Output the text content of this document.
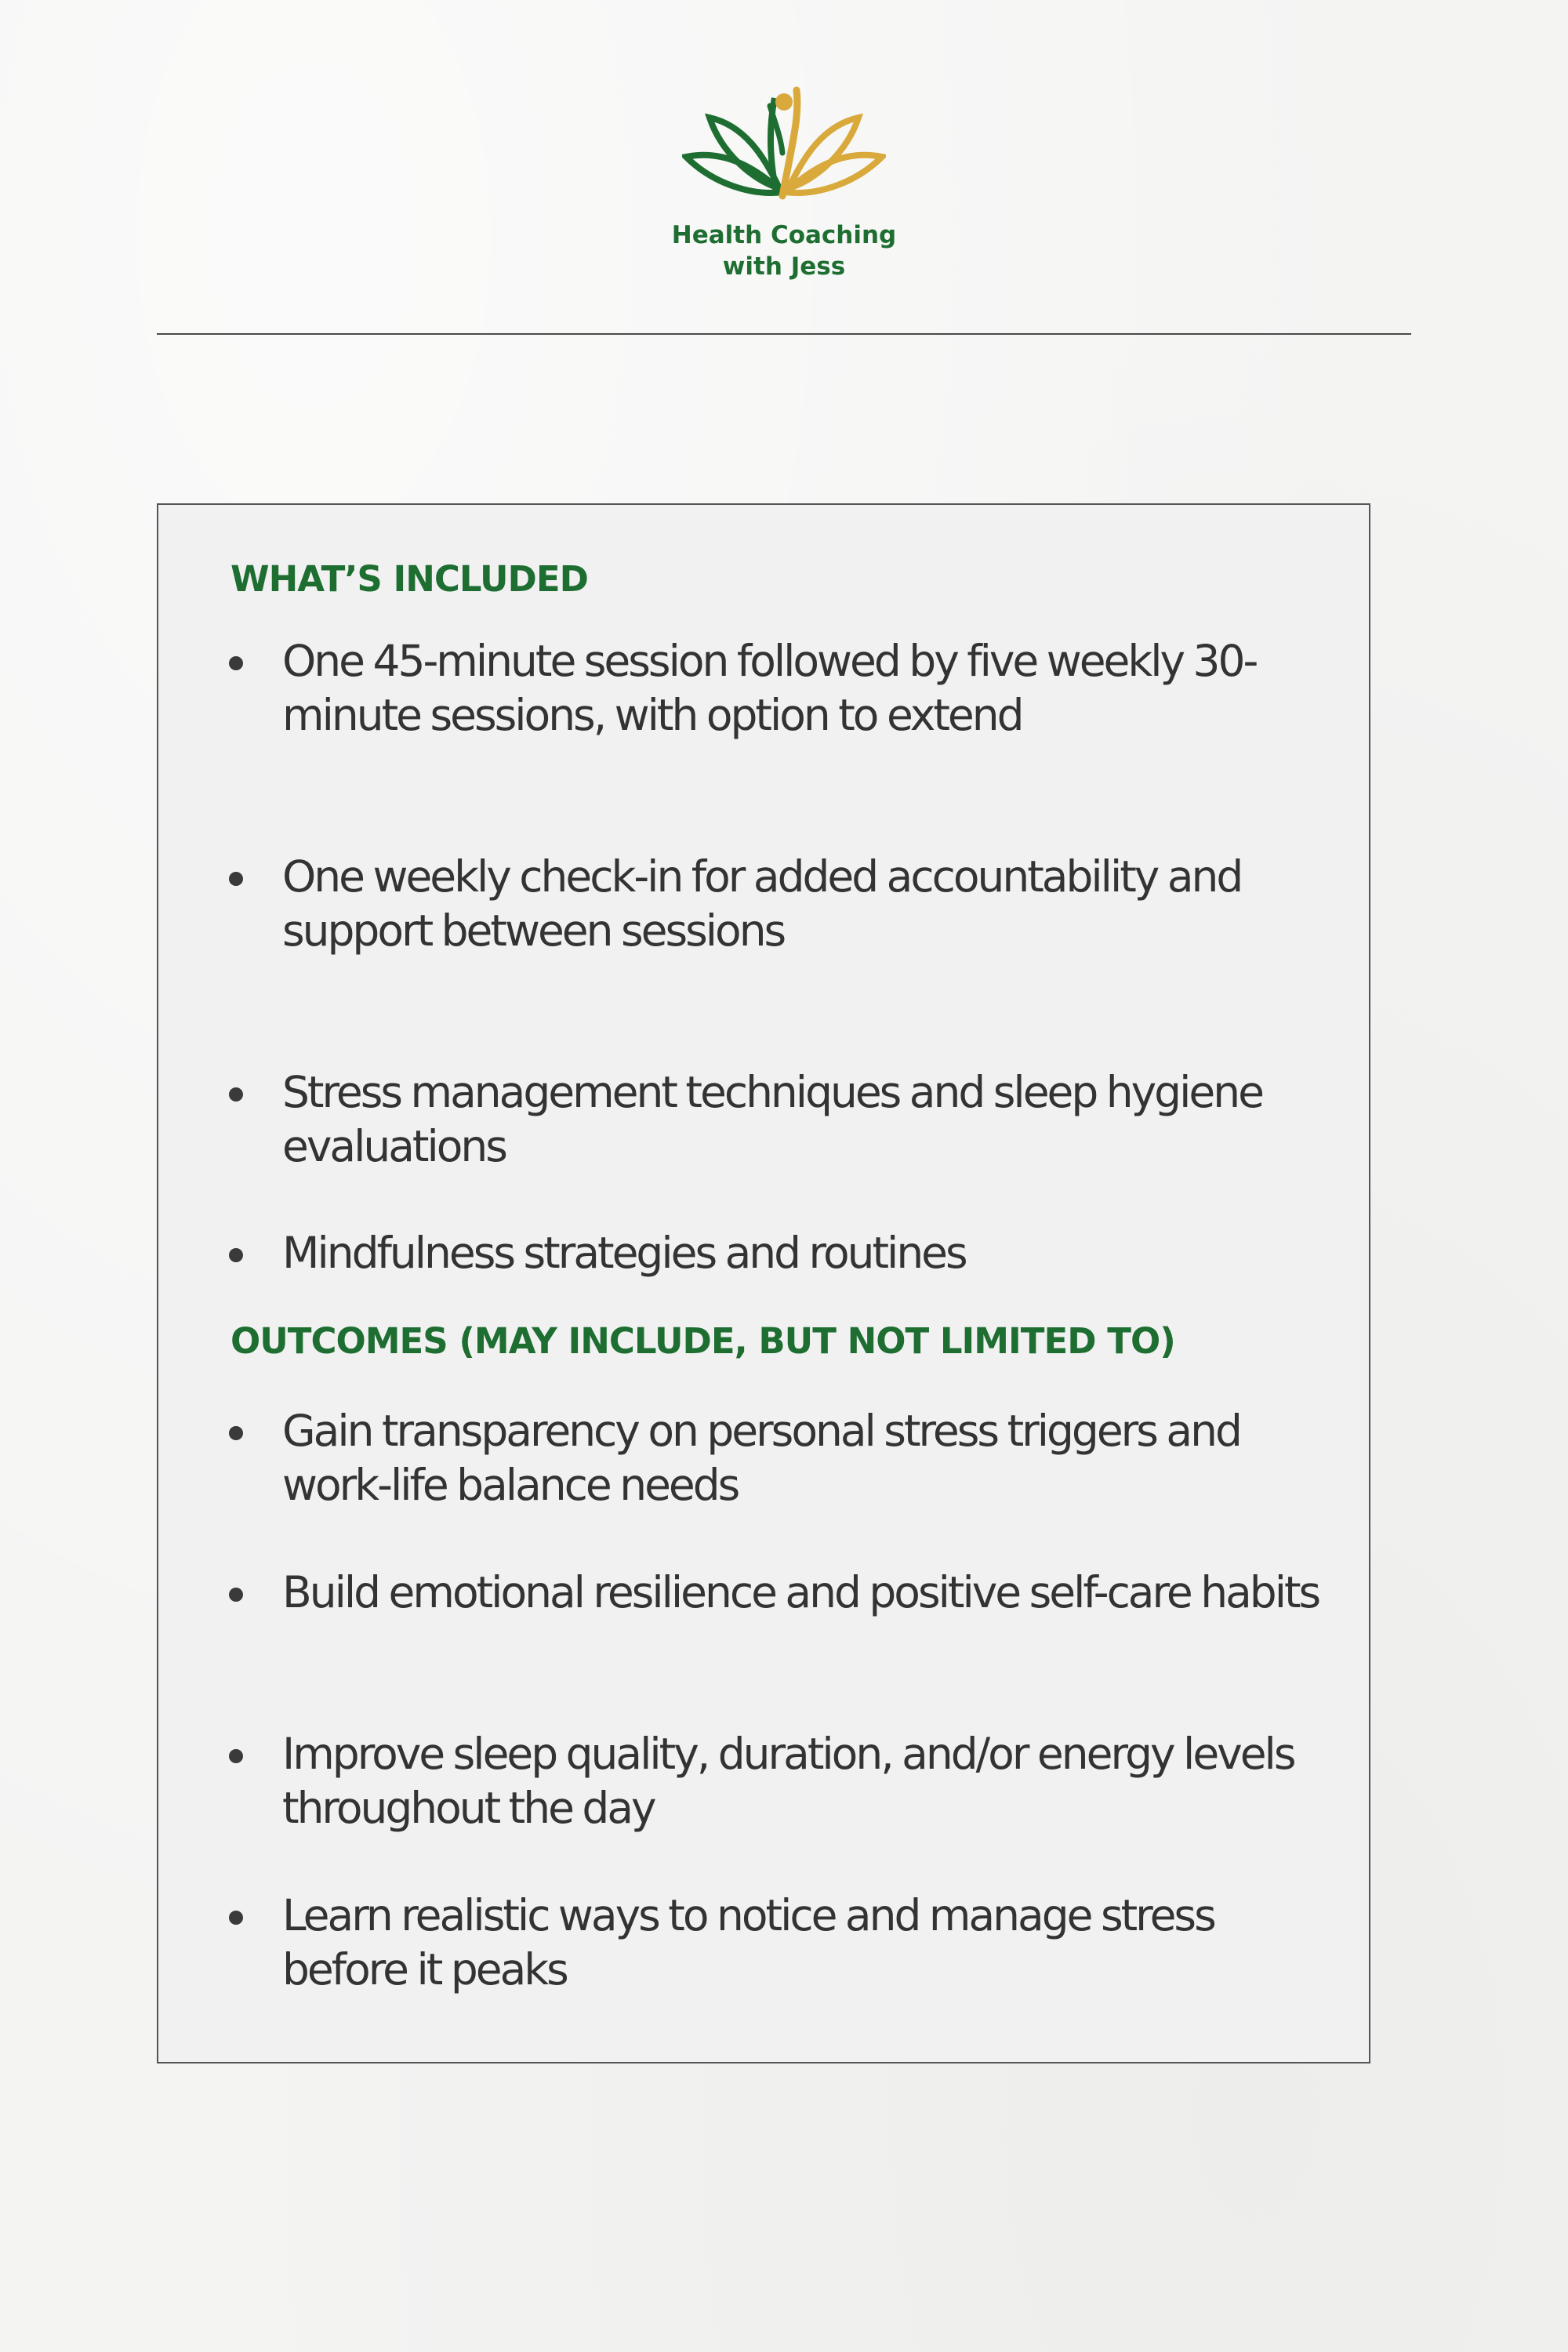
Health Coaching
with Jess
WHAT’S INCLUDED
One 45-minute session followed by five weekly 30-minute sessions, with option to extend
One weekly check-in for added accountability and support between sessions
Stress management techniques and sleep hygiene evaluations
Mindfulness strategies and routines
OUTCOMES (MAY INCLUDE, BUT NOT LIMITED TO)
Gain transparency on personal stress triggers and work-life balance needs
Build emotional resilience and positive self-care habits
Improve sleep quality, duration, and/or energy levels throughout the day
Learn realistic ways to notice and manage stress before it peaks
